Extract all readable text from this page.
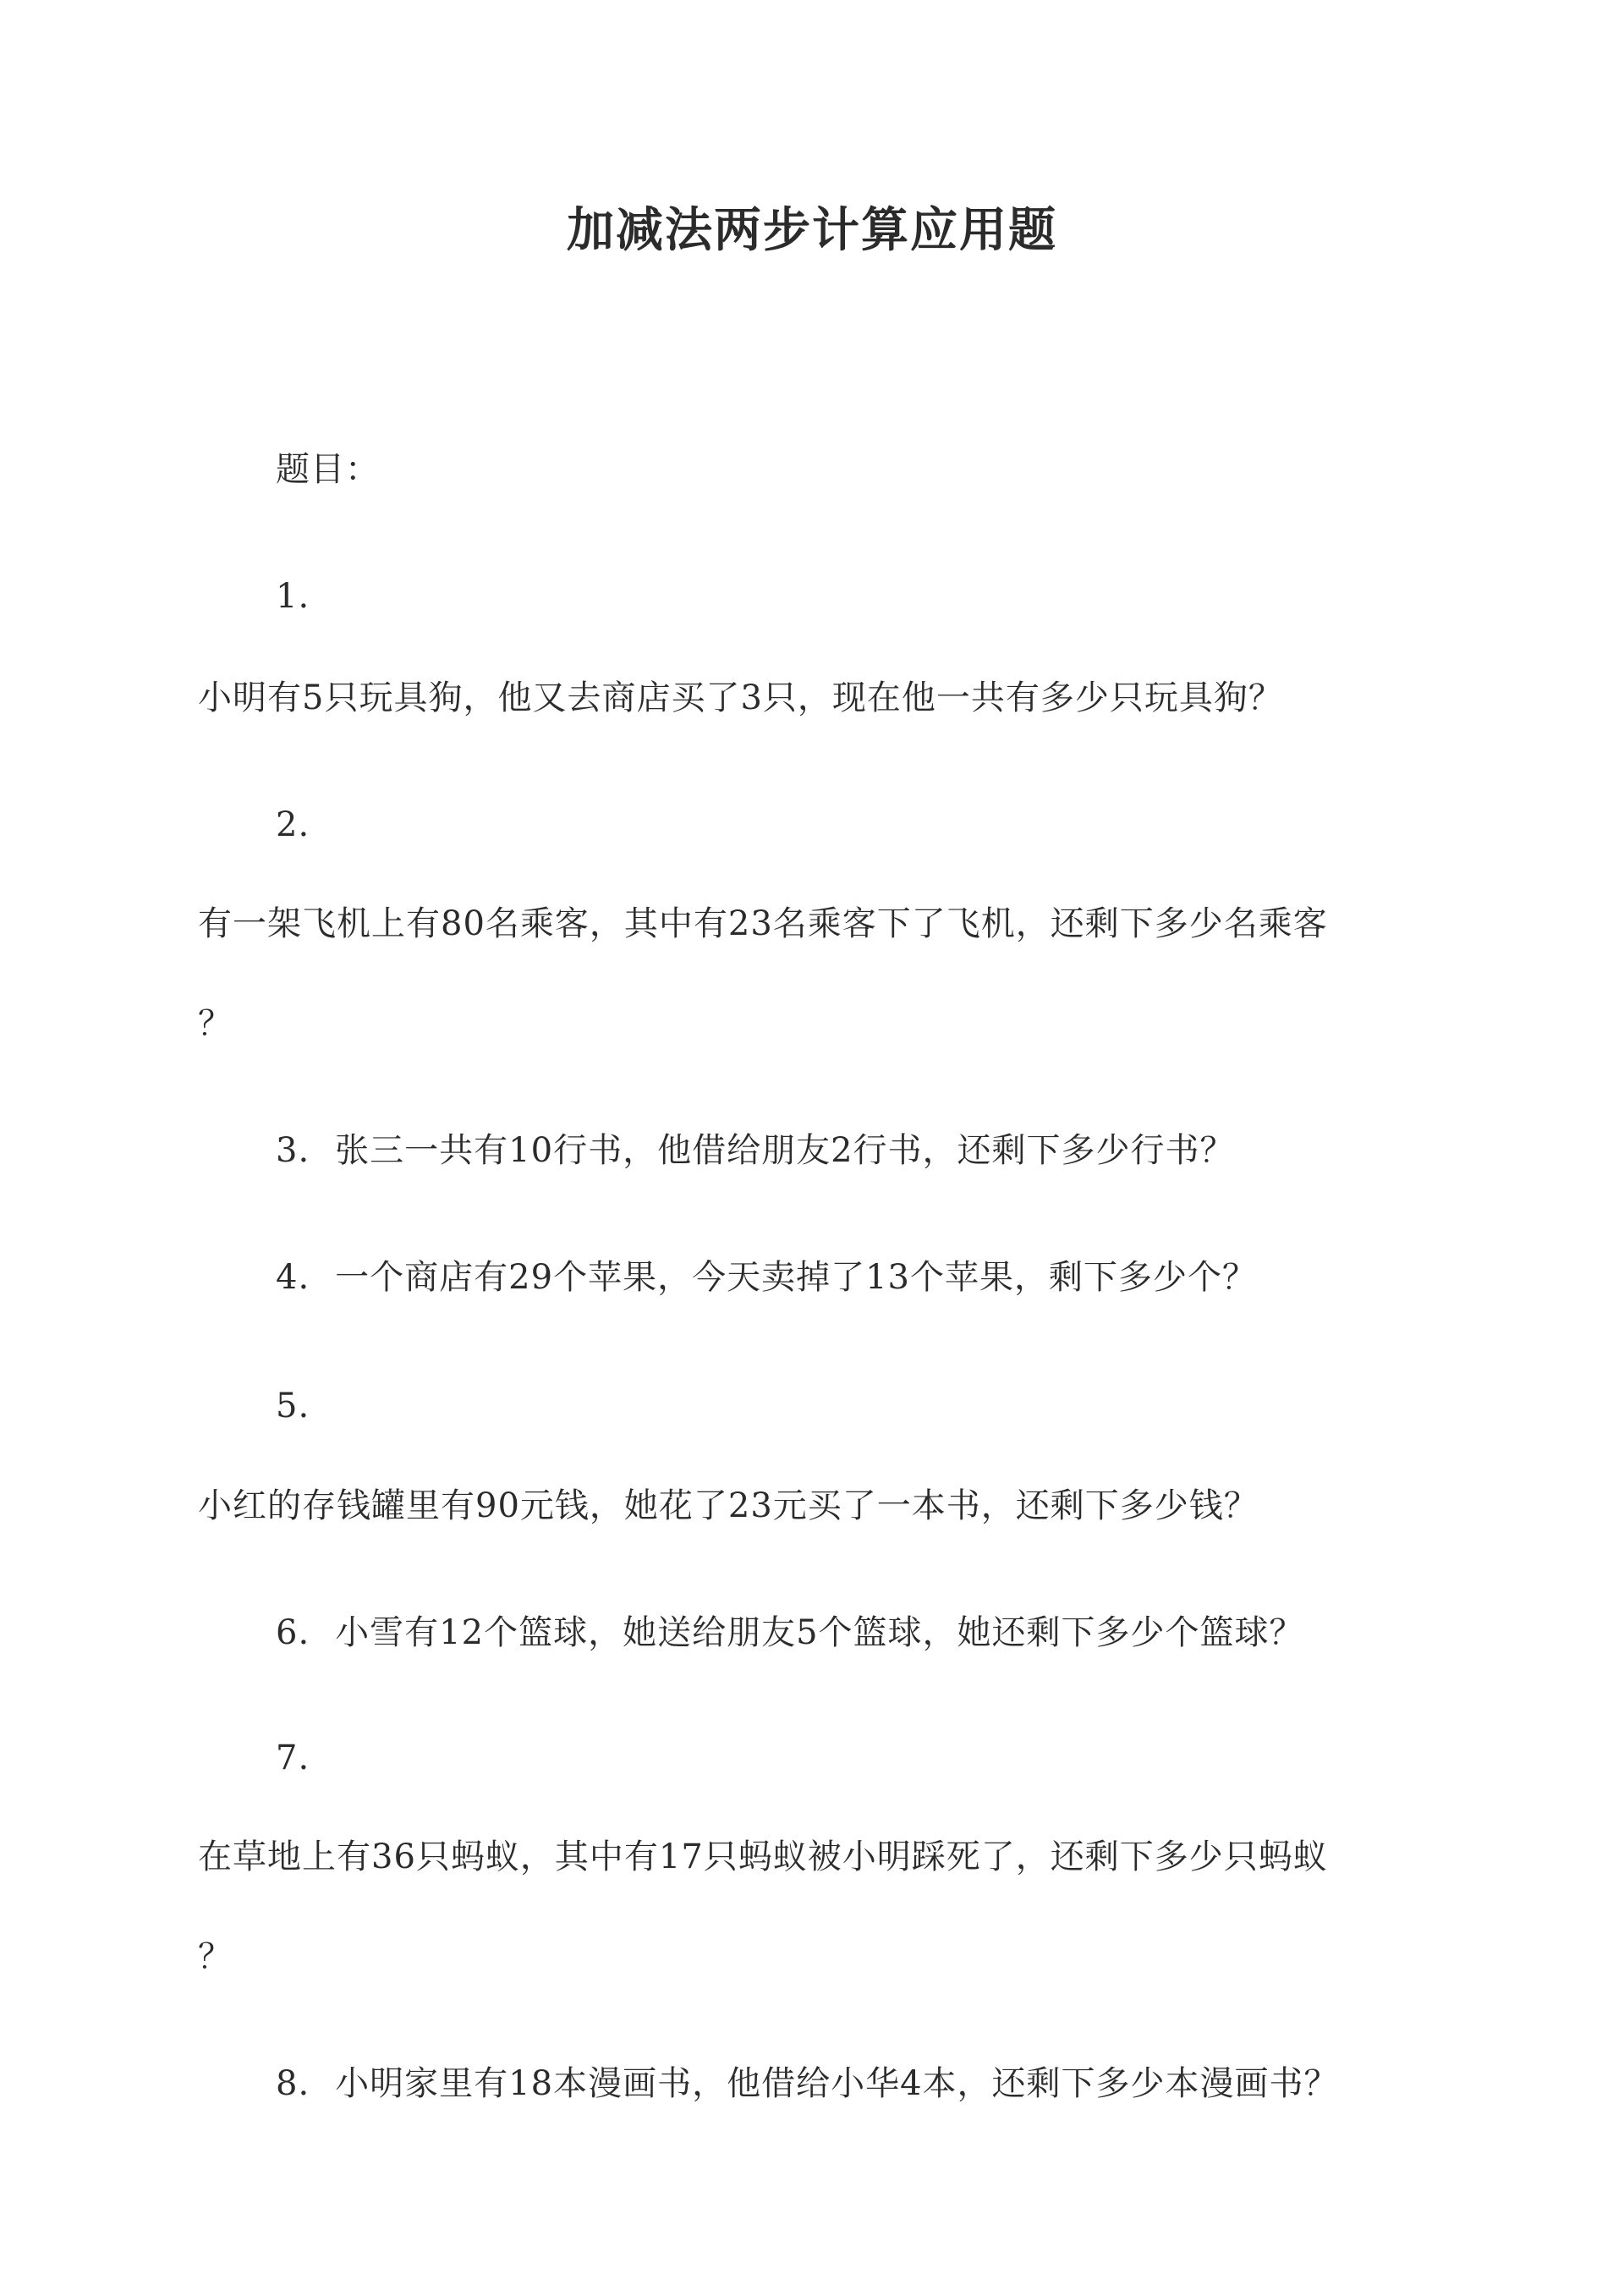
加减法两步计算应用题
题目：
1.
小明有5只玩具狗，他又去商店买了3只，现在他一共有多少只玩具狗？
2.
有一架飞机上有80名乘客，其中有23名乘客下了飞机，还剩下多少名乘客
？
3. 张三一共有10行书，他借给朋友2行书，还剩下多少行书？
4. 一个商店有29个苹果，今天卖掉了13个苹果，剩下多少个？
5.
小红的存钱罐里有90元钱，她花了23元买了一本书，还剩下多少钱？
6. 小雪有12个篮球，她送给朋友5个篮球，她还剩下多少个篮球？
7.
在草地上有36只蚂蚁，其中有17只蚂蚁被小明踩死了，还剩下多少只蚂蚁
？
8. 小明家里有18本漫画书，他借给小华4本，还剩下多少本漫画书？
